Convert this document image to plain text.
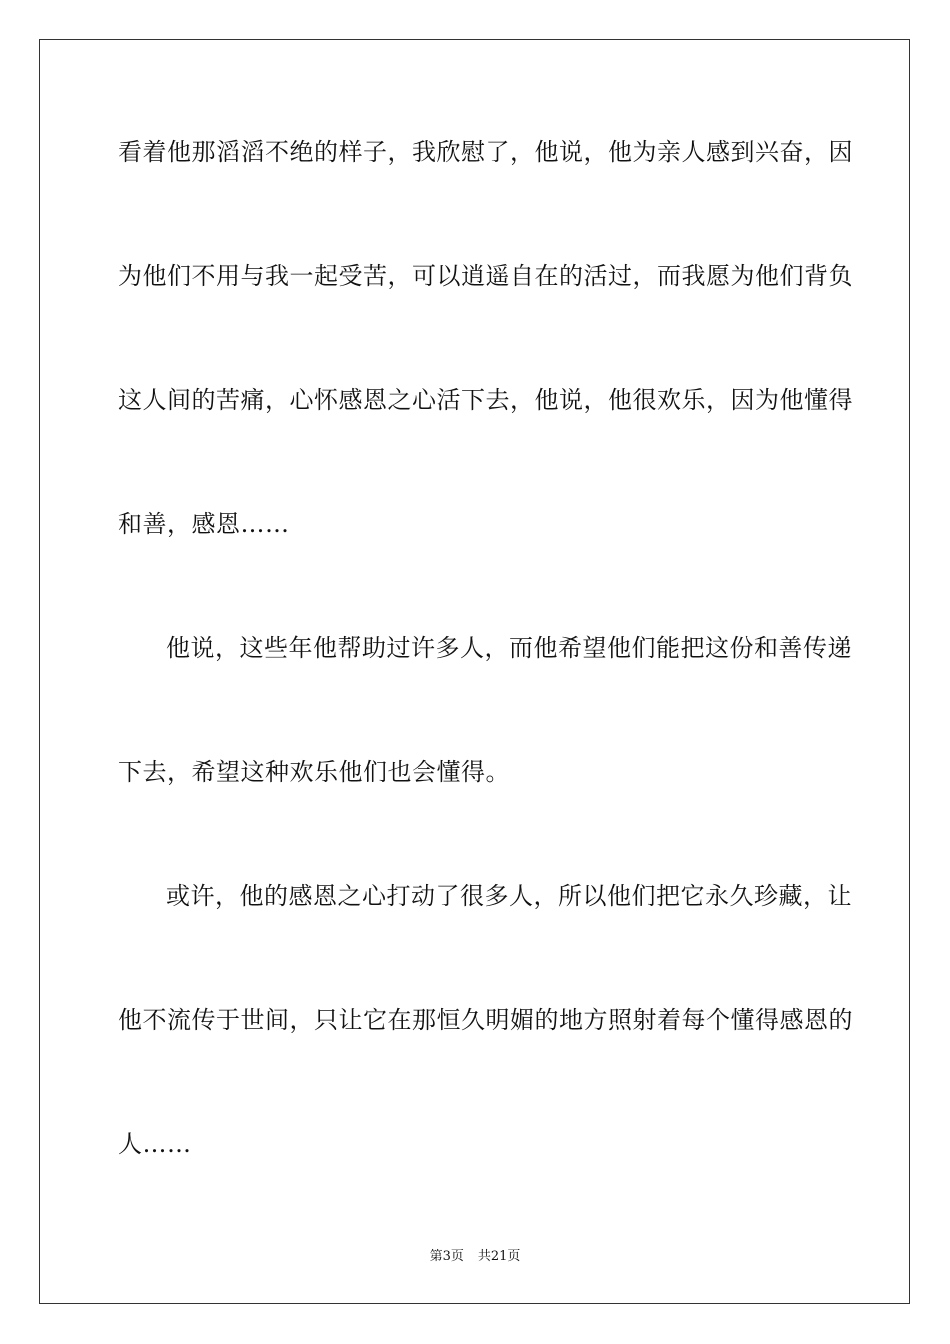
看着他那滔滔不绝的样子，我欣慰了，他说，他为亲人感到兴奋，因
为他们不用与我一起受苦，可以逍遥自在的活过，而我愿为他们背负
这人间的苦痛，心怀感恩之心活下去，他说，他很欢乐，因为他懂得
和善，感恩……
他说，这些年他帮助过许多人，而他希望他们能把这份和善传递
下去，希望这种欢乐他们也会懂得。
或许，他的感恩之心打动了很多人，所以他们把它永久珍藏，让
他不流传于世间，只让它在那恒久明媚的地方照射着每个懂得感恩的
人……
第3页 共21页
